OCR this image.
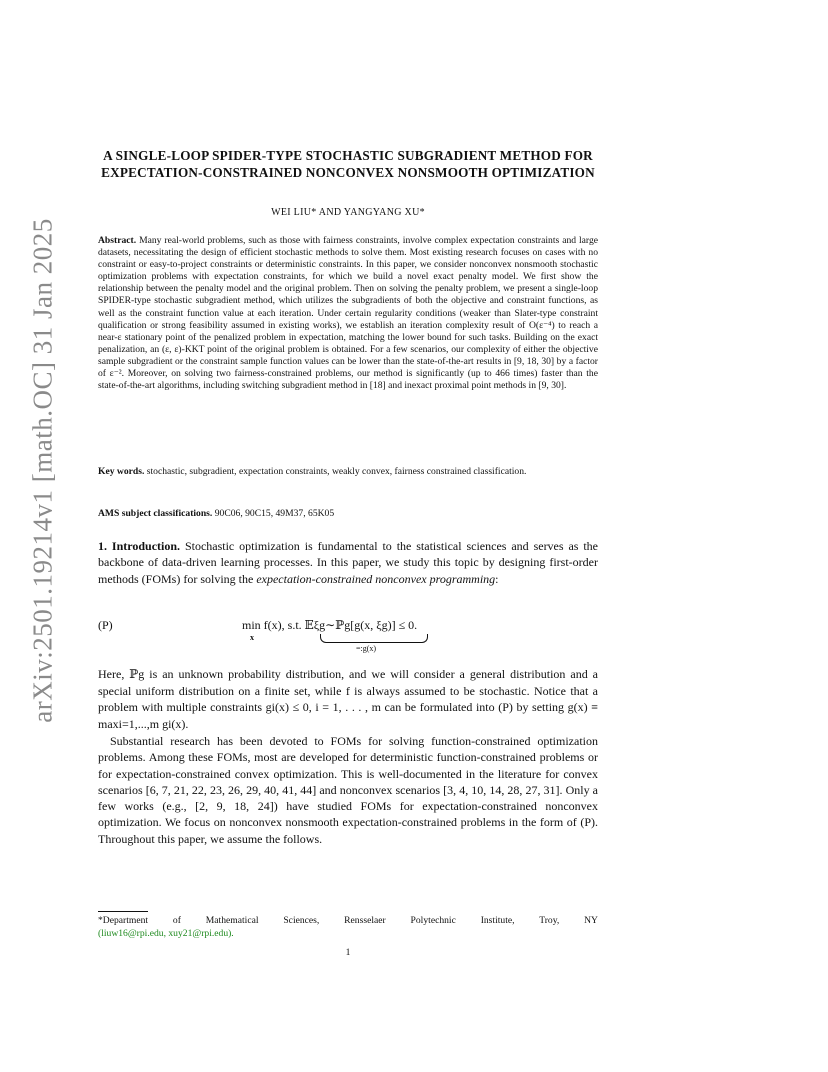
arXiv:2501.19214v1 [math.OC] 31 Jan 2025
A SINGLE-LOOP SPIDER-TYPE STOCHASTIC SUBGRADIENT METHOD FOR EXPECTATION-CONSTRAINED NONCONVEX NONSMOOTH OPTIMIZATION
WEI LIU* AND YANGYANG XU*
Abstract. Many real-world problems, such as those with fairness constraints, involve complex expectation constraints and large datasets, necessitating the design of efficient stochastic methods to solve them. Most existing research focuses on cases with no constraint or easy-to-project constraints or deterministic constraints. In this paper, we consider nonconvex nonsmooth stochastic optimization problems with expectation constraints, for which we build a novel exact penalty model. We first show the relationship between the penalty model and the original problem. Then on solving the penalty problem, we present a single-loop SPIDER-type stochastic subgradient method, which utilizes the subgradients of both the objective and constraint functions, as well as the constraint function value at each iteration. Under certain regularity conditions (weaker than Slater-type constraint qualification or strong feasibility assumed in existing works), we establish an iteration complexity result of O(ε⁻⁴) to reach a near-ε stationary point of the penalized problem in expectation, matching the lower bound for such tasks. Building on the exact penalization, an (ε, ε)-KKT point of the original problem is obtained. For a few scenarios, our complexity of either the objective sample subgradient or the constraint sample function values can be lower than the state-of-the-art results in [9, 18, 30] by a factor of ε⁻². Moreover, on solving two fairness-constrained problems, our method is significantly (up to 466 times) faster than the state-of-the-art algorithms, including switching subgradient method in [18] and inexact proximal point methods in [9, 30].
Key words. stochastic, subgradient, expectation constraints, weakly convex, fairness constrained classification.
AMS subject classifications. 90C06, 90C15, 49M37, 65K05
1. Introduction. Stochastic optimization is fundamental to the statistical sciences and serves as the backbone of data-driven learning processes. In this paper, we study this topic by designing first-order methods (FOMs) for solving the expectation-constrained nonconvex programming:
(P)	min f(x), s.t. 𝔼ξg∼ℙg[g(x, ξg)] ≤ 0.
x
=:g(x)
Here, ℙg is an unknown probability distribution, and we will consider a general distribution and a special uniform distribution on a finite set, while f is always assumed to be stochastic. Notice that a problem with multiple constraints gi(x) ≤ 0, i = 1, . . . , m can be formulated into (P) by setting g(x) ≡ maxi=1,...,m gi(x).
Substantial research has been devoted to FOMs for solving function-constrained optimization problems. Among these FOMs, most are developed for deterministic function-constrained problems or for expectation-constrained convex optimization. This is well-documented in the literature for convex scenarios [6, 7, 21, 22, 23, 26, 29, 40, 41, 44] and nonconvex scenarios [3, 4, 10, 14, 28, 27, 31]. Only a few works (e.g., [2, 9, 18, 24]) have studied FOMs for expectation-constrained nonconvex optimization. We focus on nonconvex nonsmooth expectation-constrained problems in the form of (P). Throughout this paper, we assume the follows.
*Department of Mathematical Sciences, Rensselaer Polytechnic Institute, Troy, NY
(liuw16@rpi.edu, xuy21@rpi.edu).
1
